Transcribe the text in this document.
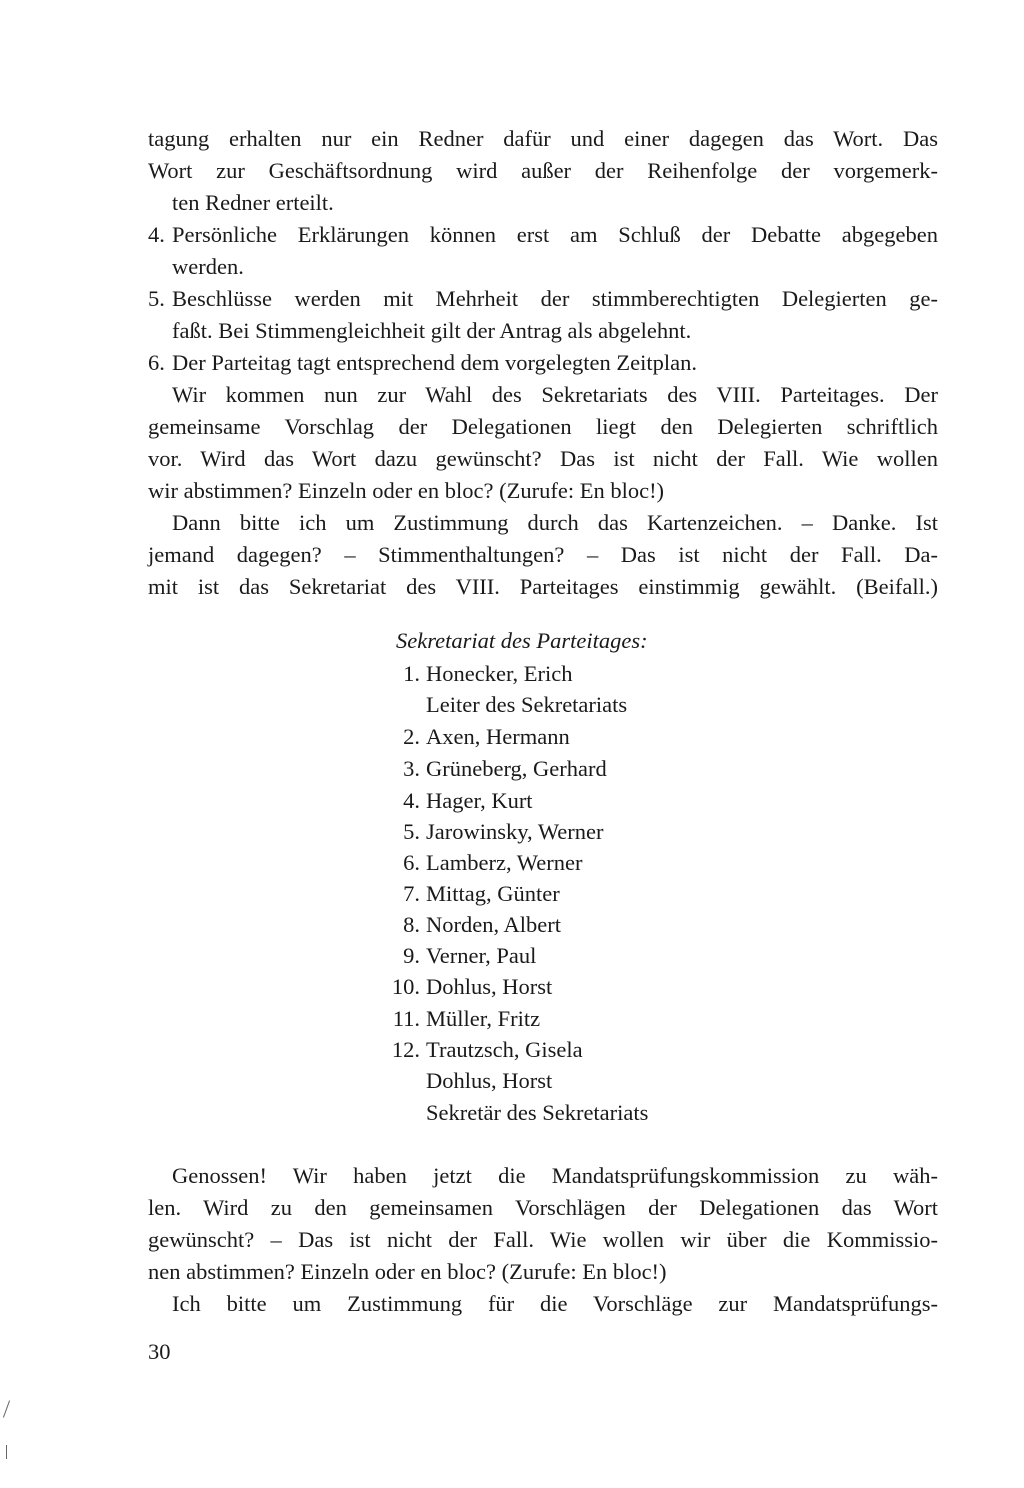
tagung erhalten nur ein Redner dafür und einer dagegen das Wort. Das
Wort zur Geschäftsordnung wird außer der Reihenfolge der vorgemerk-
ten Redner erteilt.
4. Persönliche Erklärungen können erst am Schluß der Debatte abgegeben
werden.
5. Beschlüsse werden mit Mehrheit der stimmberechtigten Delegierten ge-
faßt. Bei Stimmengleichheit gilt der Antrag als abgelehnt.
6. Der Parteitag tagt entsprechend dem vorgelegten Zeitplan.
Wir kommen nun zur Wahl des Sekretariats des VIII. Parteitages. Der
gemeinsame Vorschlag der Delegationen liegt den Delegierten schriftlich
vor. Wird das Wort dazu gewünscht? Das ist nicht der Fall. Wie wollen
wir abstimmen? Einzeln oder en bloc? (Zurufe: En bloc!)
Dann bitte ich um Zustimmung durch das Kartenzeichen. – Danke. Ist
jemand dagegen? – Stimmenthaltungen? – Das ist nicht der Fall. Da-
mit ist das Sekretariat des VIII. Parteitages einstimmig gewählt. (Beifall.)
Sekretariat des Parteitages:
1. Honecker, Erich
Leiter des Sekretariats
2. Axen, Hermann
3. Grüneberg, Gerhard
4. Hager, Kurt
5. Jarowinsky, Werner
6. Lamberz, Werner
7. Mittag, Günter
8. Norden, Albert
9. Verner, Paul
10. Dohlus, Horst
11. Müller, Fritz
12. Trautzsch, Gisela
Dohlus, Horst
Sekretär des Sekretariats
Genossen! Wir haben jetzt die Mandatsprüfungskommission zu wäh-
len. Wird zu den gemeinsamen Vorschlägen der Delegationen das Wort
gewünscht? – Das ist nicht der Fall. Wie wollen wir über die Kommissio-
nen abstimmen? Einzeln oder en bloc? (Zurufe: En bloc!)
Ich bitte um Zustimmung für die Vorschläge zur Mandatsprüfungs-
30
